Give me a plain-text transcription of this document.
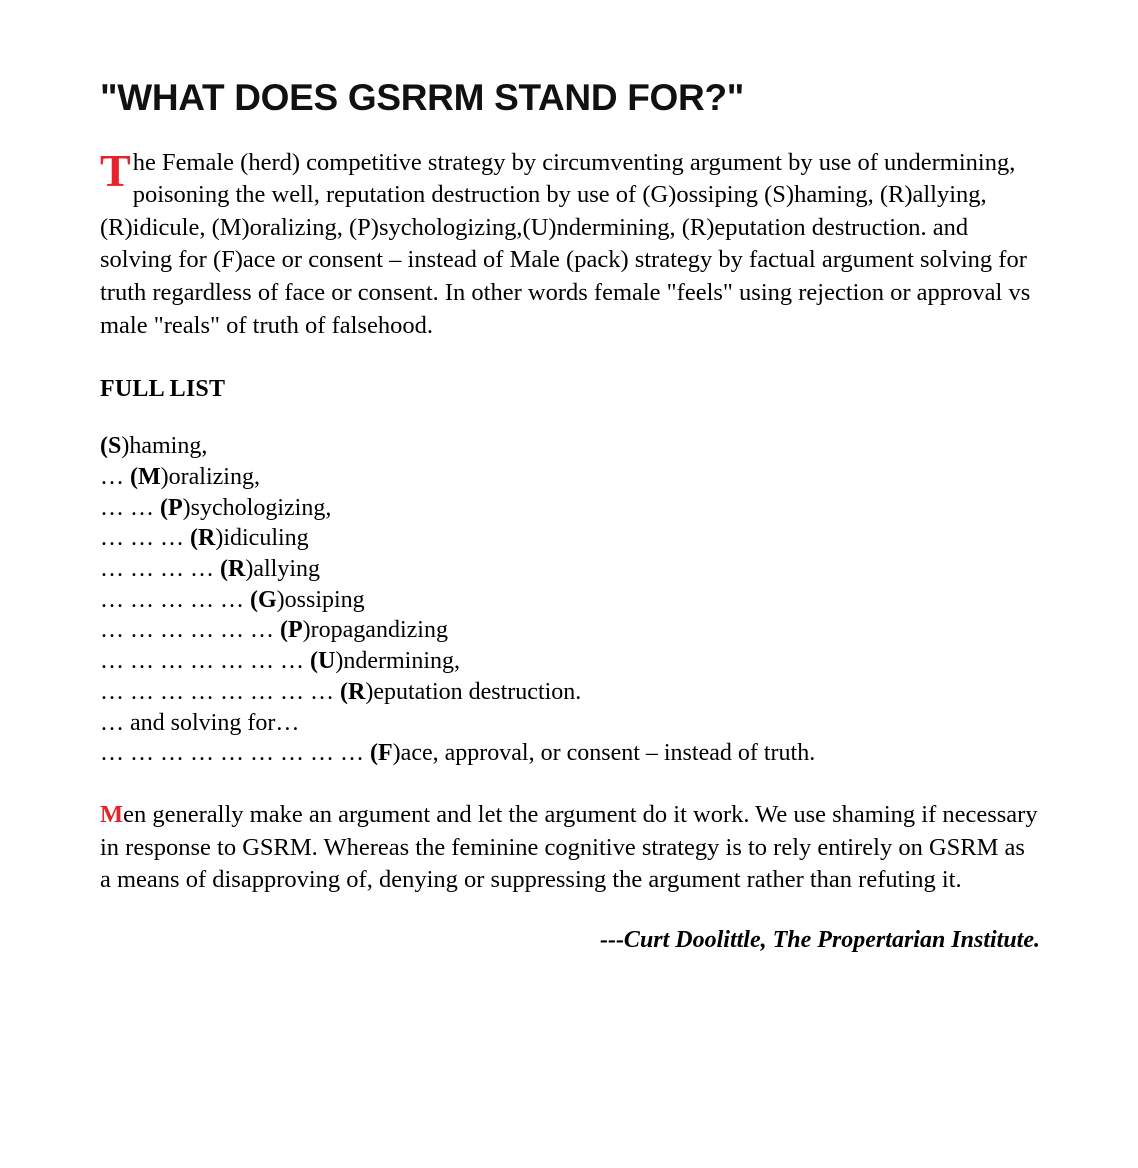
"WHAT DOES GSRRM STAND FOR?"

The Female (herd) competitive strategy by circumventing argument by use of undermining, poisoning the well, reputation destruction by use of (G)ossiping (S)haming, (R)allying, (R)idicule, (M)oralizing, (P)sychologizing,(U)ndermining, (R)eputation destruction. and solving for (F)ace or consent – instead of Male (pack) strategy by factual argument solving for truth regardless of face or consent. In other words female "feels" using rejection or approval vs male "reals" of truth of falsehood.

FULL LIST

(S)haming,
… (M)oralizing,
… … (P)sychologizing,
… … … (R)idiculing
… … … … (R)allying
… … … … … (G)ossiping
… … … … … … (P)ropagandizing
… … … … … … … (U)ndermining,
… … … … … … … … (R)eputation destruction.
… and solving for…
… … … … … … … … … (F)ace, approval, or consent – instead of truth.

Men generally make an argument and let the argument do it work. We use shaming if necessary in response to GSRM. Whereas the feminine cognitive strategy is to rely entirely on GSRM as a means of disapproving of, denying or suppressing the argument rather than refuting it.

---Curt Doolittle, The Propertarian Institute.
